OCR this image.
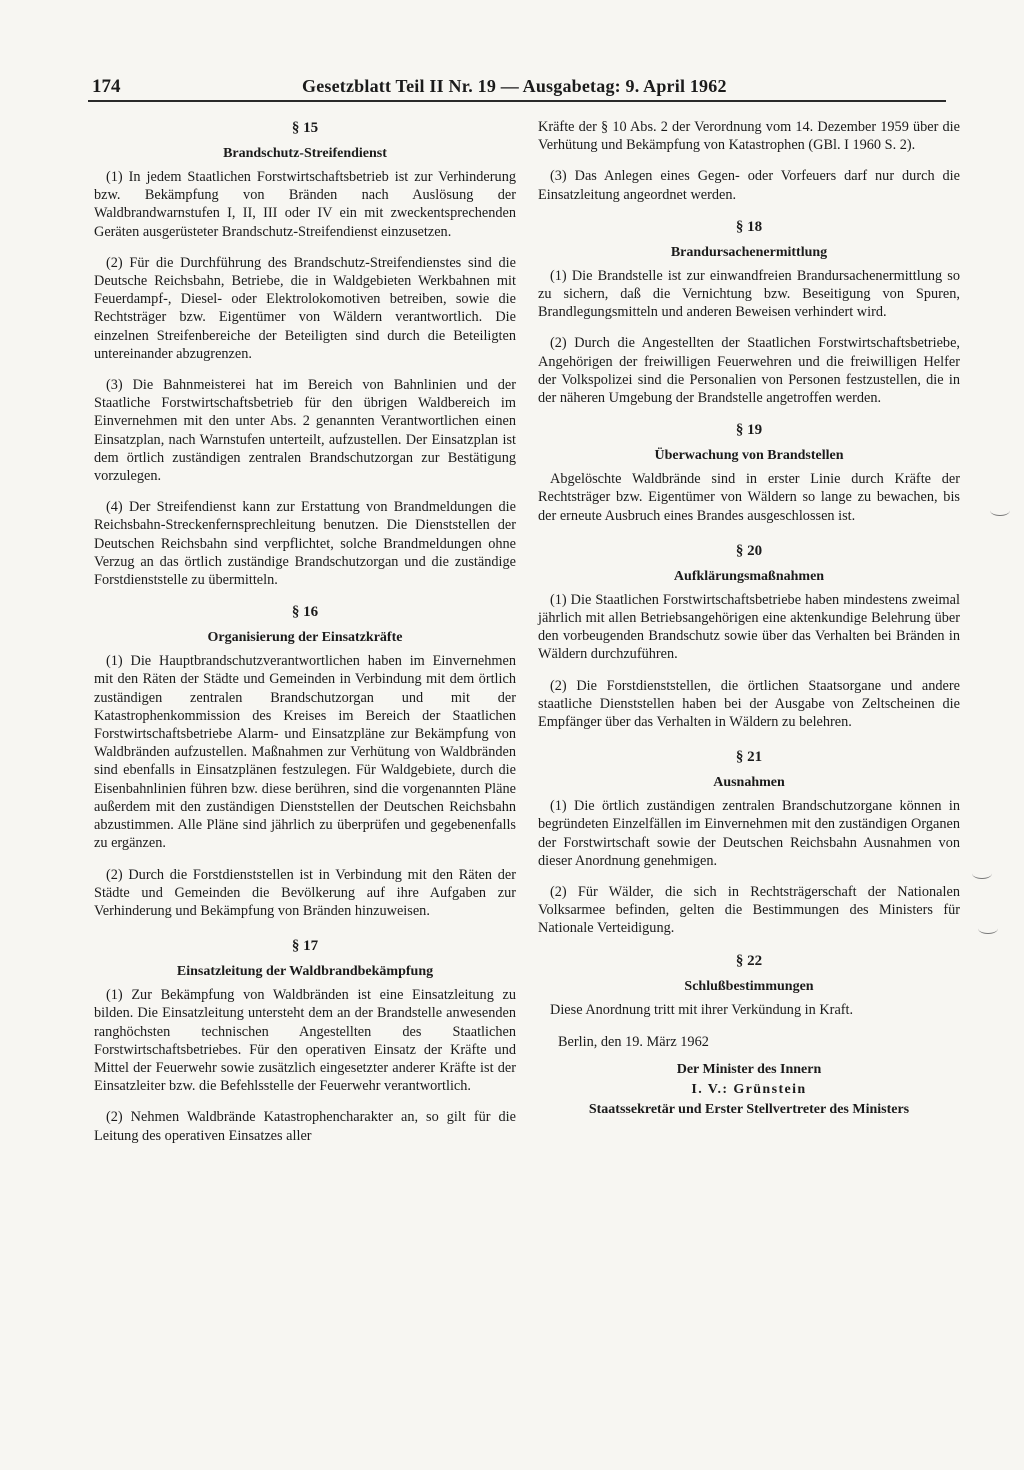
174	Gesetzblatt Teil II Nr. 19 — Ausgabetag: 9. April 1962
§ 15
Brandschutz-Streifendienst

(1) In jedem Staatlichen Forstwirtschaftsbetrieb ist zur Verhinderung bzw. Bekämpfung von Bränden nach Auslösung der Waldbrandwarnstufen I, II, III oder IV ein mit zweckentsprechenden Geräten ausgerüsteter Brandschutz-Streifendienst einzusetzen.

(2) Für die Durchführung des Brandschutz-Streifendienstes sind die Deutsche Reichsbahn, Betriebe, die in Waldgebieten Werkbahnen mit Feuerdampf-, Diesel- oder Elektrolokomotiven betreiben, sowie die Rechtsträger bzw. Eigentümer von Wäldern verantwortlich. Die einzelnen Streifenbereiche der Beteiligten sind durch die Beteiligten untereinander abzugrenzen.

(3) Die Bahnmeisterei hat im Bereich von Bahnlinien und der Staatliche Forstwirtschaftsbetrieb für den übrigen Waldbereich im Einvernehmen mit den unter Abs. 2 genannten Verantwortlichen einen Einsatzplan, nach Warnstufen unterteilt, aufzustellen. Der Einsatzplan ist dem örtlich zuständigen zentralen Brandschutzorgan zur Bestätigung vorzulegen.

(4) Der Streifendienst kann zur Erstattung von Brandmeldungen die Reichsbahn-Streckenfernsprechleitung benutzen. Die Dienststellen der Deutschen Reichsbahn sind verpflichtet, solche Brandmeldungen ohne Verzug an das örtlich zuständige Brandschutzorgan und die zuständige Forstdienststelle zu übermitteln.

§ 16
Organisierung der Einsatzkräfte

(1) Die Hauptbrandschutzverantwortlichen haben im Einvernehmen mit den Räten der Städte und Gemeinden in Verbindung mit dem örtlich zuständigen zentralen Brandschutzorgan und mit der Katastrophenkommission des Kreises im Bereich der Staatlichen Forstwirtschaftsbetriebe Alarm- und Einsatzpläne zur Bekämpfung von Waldbränden aufzustellen. Maßnahmen zur Verhütung von Waldbränden sind ebenfalls in Einsatzplänen festzulegen. Für Waldgebiete, durch die Eisenbahnlinien führen bzw. diese berühren, sind die vorgenannten Pläne außerdem mit den zuständigen Dienststellen der Deutschen Reichsbahn abzustimmen. Alle Pläne sind jährlich zu überprüfen und gegebenenfalls zu ergänzen.

(2) Durch die Forstdienststellen ist in Verbindung mit den Räten der Städte und Gemeinden die Bevölkerung auf ihre Aufgaben zur Verhinderung und Bekämpfung von Bränden hinzuweisen.

§ 17
Einsatzleitung der Waldbrandbekämpfung

(1) Zur Bekämpfung von Waldbränden ist eine Einsatzleitung zu bilden. Die Einsatzleitung untersteht dem an der Brandstelle anwesenden ranghöchsten technischen Angestellten des Staatlichen Forstwirtschaftsbetriebes. Für den operativen Einsatz der Kräfte und Mittel der Feuerwehr sowie zusätzlich eingesetzter anderer Kräfte ist der Einsatzleiter bzw. die Befehlsstelle der Feuerwehr verantwortlich.

(2) Nehmen Waldbrände Katastrophencharakter an, so gilt für die Leitung des operativen Einsatzes aller

Kräfte der § 10 Abs. 2 der Verordnung vom 14. Dezember 1959 über die Verhütung und Bekämpfung von Katastrophen (GBl. I 1960 S. 2).

(3) Das Anlegen eines Gegen- oder Vorfeuers darf nur durch die Einsatzleitung angeordnet werden.

§ 18
Brandursachenermittlung

(1) Die Brandstelle ist zur einwandfreien Brandursachenermittlung so zu sichern, daß die Vernichtung bzw. Beseitigung von Spuren, Brandlegungsmitteln und anderen Beweisen verhindert wird.

(2) Durch die Angestellten der Staatlichen Forstwirtschaftsbetriebe, Angehörigen der freiwilligen Feuerwehren und die freiwilligen Helfer der Volkspolizei sind die Personalien von Personen festzustellen, die in der näheren Umgebung der Brandstelle angetroffen werden.

§ 19
Überwachung von Brandstellen

Abgelöschte Waldbrände sind in erster Linie durch Kräfte der Rechtsträger bzw. Eigentümer von Wäldern so lange zu bewachen, bis der erneute Ausbruch eines Brandes ausgeschlossen ist.

§ 20
Aufklärungsmaßnahmen

(1) Die Staatlichen Forstwirtschaftsbetriebe haben mindestens zweimal jährlich mit allen Betriebsangehörigen eine aktenkundige Belehrung über den vorbeugenden Brandschutz sowie über das Verhalten bei Bränden in Wäldern durchzuführen.

(2) Die Forstdienststellen, die örtlichen Staatsorgane und andere staatliche Dienststellen haben bei der Ausgabe von Zeltscheinen die Empfänger über das Verhalten in Wäldern zu belehren.

§ 21
Ausnahmen

(1) Die örtlich zuständigen zentralen Brandschutzorgane können in begründeten Einzelfällen im Einvernehmen mit den zuständigen Organen der Forstwirtschaft sowie der Deutschen Reichsbahn Ausnahmen von dieser Anordnung genehmigen.

(2) Für Wälder, die sich in Rechtsträgerschaft der Nationalen Volksarmee befinden, gelten die Bestimmungen des Ministers für Nationale Verteidigung.

§ 22
Schlußbestimmungen

Diese Anordnung tritt mit ihrer Verkündung in Kraft.

Berlin, den 19. März 1962
Der Minister des Innern
I. V.: Grünstein
Staatssekretär und Erster Stellvertreter des Ministers
